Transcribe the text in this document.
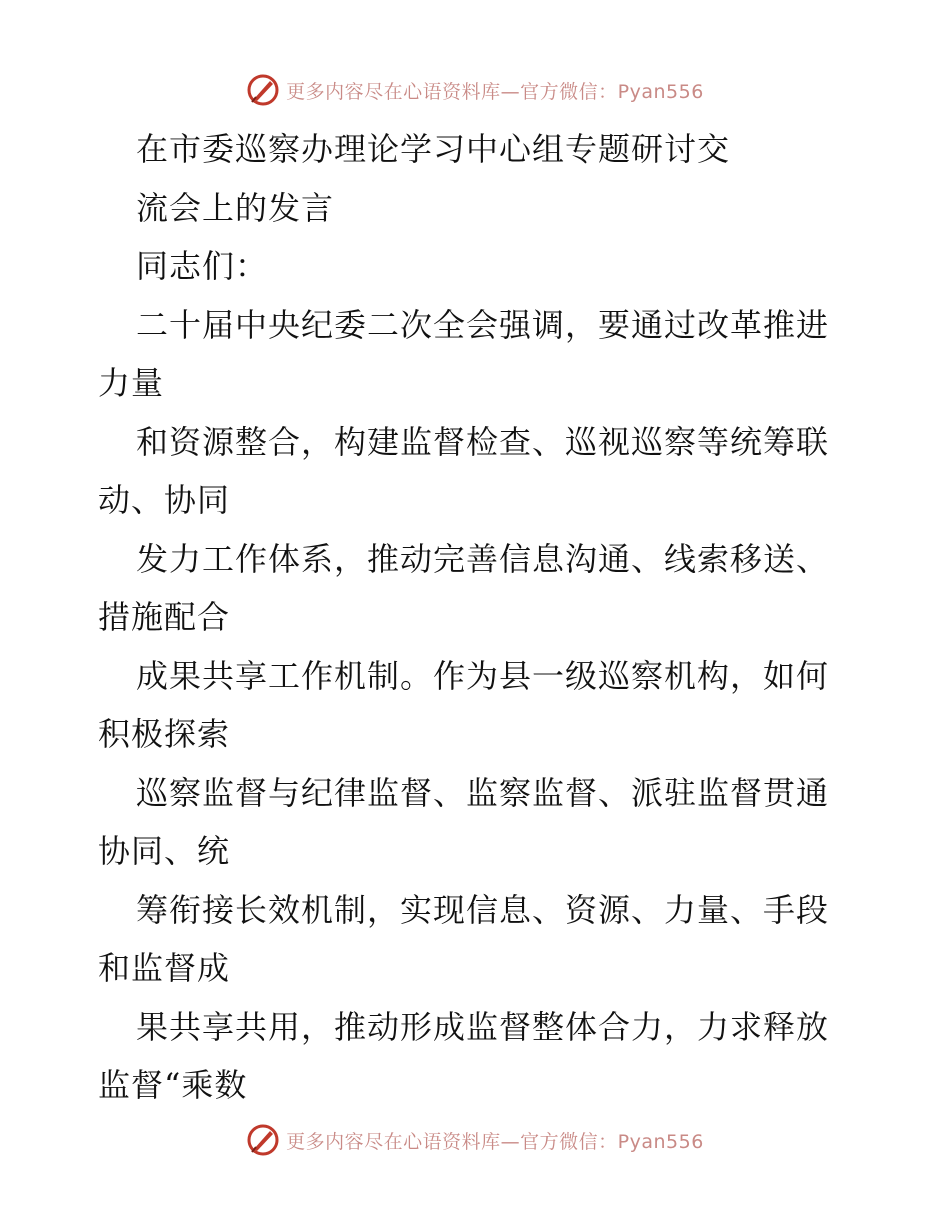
更多内容尽在心语资料库—官方微信：Pyan556
在市委巡察办理论学习中心组专题研讨交
流会上的发言
同志们：
二十届中央纪委二次全会强调，要通过改革推进
力量
和资源整合，构建监督检查、巡视巡察等统筹联
动、协同
发力工作体系，推动完善信息沟通、线索移送、
措施配合
成果共享工作机制。作为县一级巡察机构，如何
积极探索
巡察监督与纪律监督、监察监督、派驻监督贯通
协同、统
筹衔接长效机制，实现信息、资源、力量、手段
和监督成
果共享共用，推动形成监督整体合力，力求释放
监督“乘数
更多内容尽在心语资料库—官方微信：Pyan556
